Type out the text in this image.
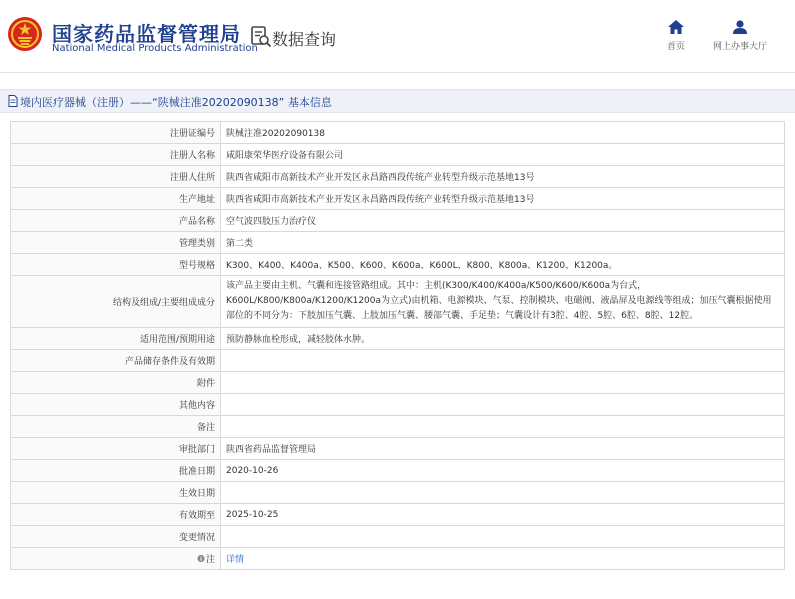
国家药品监督管理局
National Medical Products Administration 数据查询	首页	网上办事大厅
境内医疗器械（注册）——“陕械注准20202090138” 基本信息
注册证编号	陕械注准20202090138
注册人名称	咸阳康荣华医疗设备有限公司
注册人住所	陕西省咸阳市高新技术产业开发区永昌路西段传统产业转型升级示范基地13号
生产地址	陕西省咸阳市高新技术产业开发区永昌路西段传统产业转型升级示范基地13号
产品名称	空气波四肢压力治疗仪
管理类别	第二类
型号规格	K300、K400、K400a、K500、K600、K600a、K600L、K800、K800a、K1200、K1200a。
结构及组成/主要组成成分	该产品主要由主机、气囊和连接管路组成。其中：主机(K300/K400/K400a/K500/K600/K600a为台式，K600L/K800/K800a/K1200/K1200a为立式)由机箱、电源模块、气泵、控制模块、电磁阀、液晶屏及电源线等组成；加压气囊根据使用部位的不同分为：下肢加压气囊、上肢加压气囊、腰部气囊、手足垫；气囊设计有3腔、4腔、5腔、6腔、8腔、12腔。
适用范围/预期用途	预防静脉血栓形成，减轻肢体水肿。
产品储存条件及有效期	
附件	
其他内容	
备注	
审批部门	陕西省药品监督管理局
批准日期	2020-10-26
生效日期	
有效期至	2025-10-25
变更情况	
注	详情
